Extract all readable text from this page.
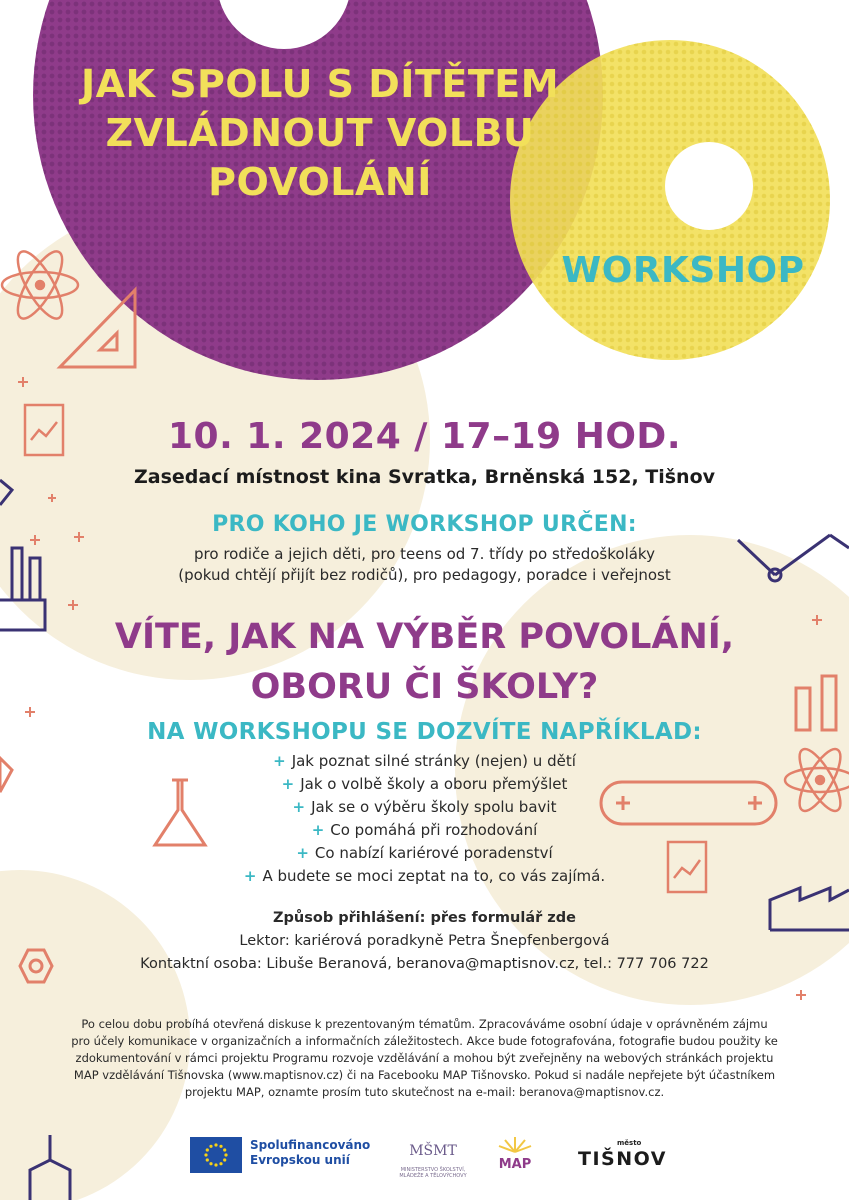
JAK SPOLU S DÍTĚTEM
ZVLÁDNOUT VOLBU
POVOLÁNÍ
WORKSHOP
10. 1. 2024 / 17–19 HOD.
Zasedací místnost kina Svratka, Brněnská 152, Tišnov
PRO KOHO JE WORKSHOP URČEN:
pro rodiče a jejich děti, pro teens od 7. třídy po středoškoláky
(pokud chtějí přijít bez rodičů), pro pedagogy, poradce i veřejnost
VÍTE, JAK NA VÝBĚR POVOLÁNÍ,
OBORU ČI ŠKOLY?
NA WORKSHOPU SE DOZVÍTE NAPŘÍKLAD:
+ Jak poznat silné stránky (nejen) u dětí
+ Jak o volbě školy a oboru přemýšlet
+ Jak se o výběru školy spolu bavit
+ Co pomáhá při rozhodování
+ Co nabízí kariérové poradenství
+ A budete se moci zeptat na to, co vás zajímá.
Způsob přihlášení: přes formulář zde
Lektor: kariérová poradkyně Petra Šnepfenbergová
Kontaktní osoba: Libuše Beranová, beranova@maptisnov.cz, tel.: 777 706 722
Po celou dobu probíhá otevřená diskuse k prezentovaným tématům. Zpracováváme osobní údaje v oprávněném zájmu
pro účely komunikace v organizačních a informačních záležitostech. Akce bude fotografována, fotografie budou použity ke
zdokumentování v rámci projektu Programu rozvoje vzdělávání a mohou být zveřejněny na webových stránkách projektu
MAP vzdělávání Tišnovska (www.maptisnov.cz) či na Facebooku MAP Tišnovsko. Pokud si nadále nepřejete být účastníkem
projektu MAP, oznamte prosím tuto skutečnost na e-mail: beranova@maptisnov.cz.
Spolufinancováno
Evropskou unií
MŠMT
MINISTERSTVO ŠKOLSTVÍ,
MLÁDEŽE A TĚLOVÝCHOVY
MAP
město
TIŠNOV
